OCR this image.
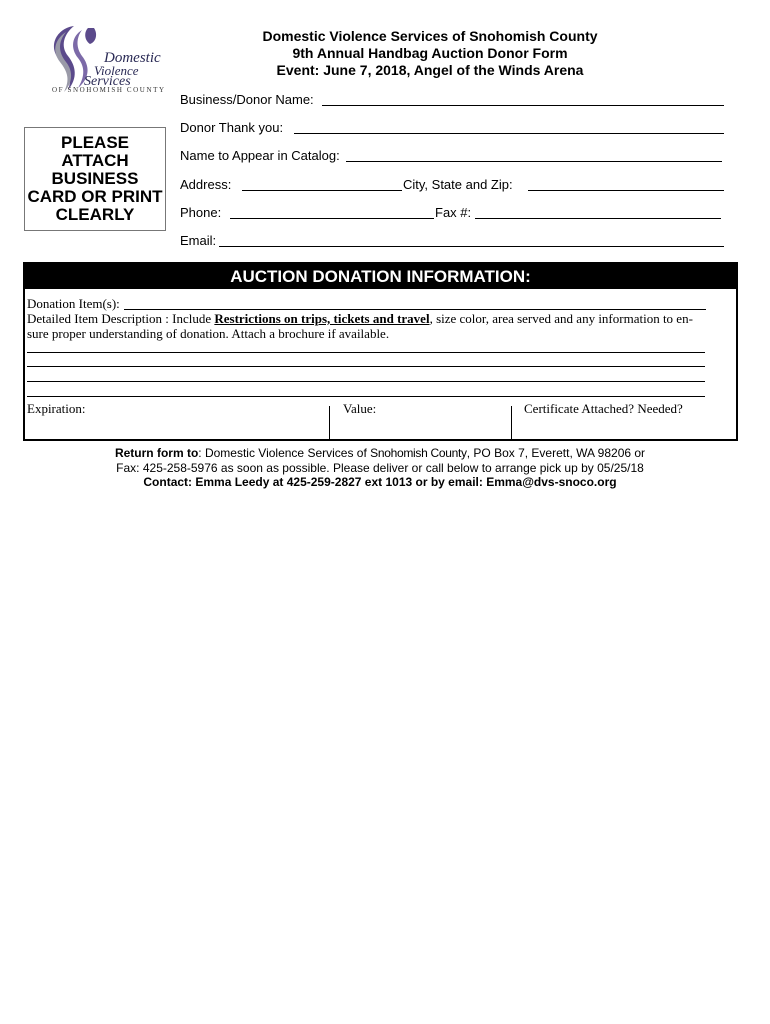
Domestic
Violence
Services
OF SNOHOMISH COUNTY
Domestic Violence Services of Snohomish County
9th Annual Handbag Auction Donor Form
Event: June 7, 2018, Angel of the Winds Arena
PLEASE
ATTACH
BUSINESS
CARD OR PRINT
CLEARLY
Business/Donor Name:
Donor Thank you:
Name to Appear in Catalog:
Address:	City, State and Zip:
Phone:	Fax #:
Email:
AUCTION DONATION INFORMATION:
Donation Item(s):
Detailed Item Description : Include Restrictions on trips, tickets and travel, size color, area served and any information to en-
sure proper understanding of donation. Attach a brochure if available.
Expiration:	Value:	Certificate Attached? Needed?
Return form to: Domestic Violence Services of Snohomish County, PO Box 7, Everett, WA 98206 or
Fax: 425-258-5976 as soon as possible. Please deliver or call below to arrange pick up by 05/25/18
Contact: Emma Leedy at 425-259-2827 ext 1013 or by email: Emma@dvs-snoco.org
